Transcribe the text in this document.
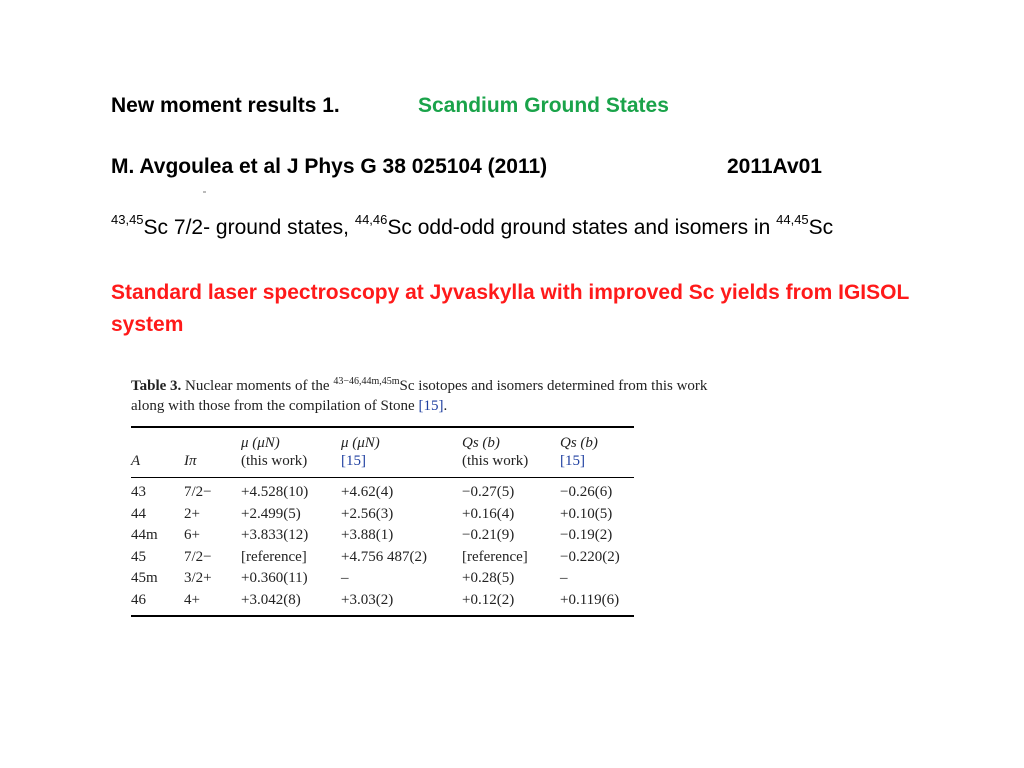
New moment results 1.	Scandium Ground States
M. Avgoulea et al J Phys G 38 025104 (2011)	2011Av01
$^{43,45}$Sc 7/2- ground states, $^{44,46}$Sc odd-odd ground states and isomers in $^{44,45}$Sc
Standard laser spectroscopy at Jyvaskylla with improved Sc yields from IGISOL system
Table 3. Nuclear moments of the $^{43-46,44m,45m}$Sc isotopes and isomers determined from this work along with those from the compilation of Stone [15].
		μ (μN)	μ (μN)	Qs (b)	Qs (b)
A	Iπ	(this work)	[15]	(this work)	[15]
43	7/2−	+4.528(10)	+4.62(4)	−0.27(5)	−0.26(6)
44	2+	+2.499(5)	+2.56(3)	+0.16(4)	+0.10(5)
44m	6+	+3.833(12)	+3.88(1)	−0.21(9)	−0.19(2)
45	7/2−	[reference]	+4.756 487(2)	[reference]	−0.220(2)
45m	3/2+	+0.360(11)	–	+0.28(5)	–
46	4+	+3.042(8)	+3.03(2)	+0.12(2)	+0.119(6)
